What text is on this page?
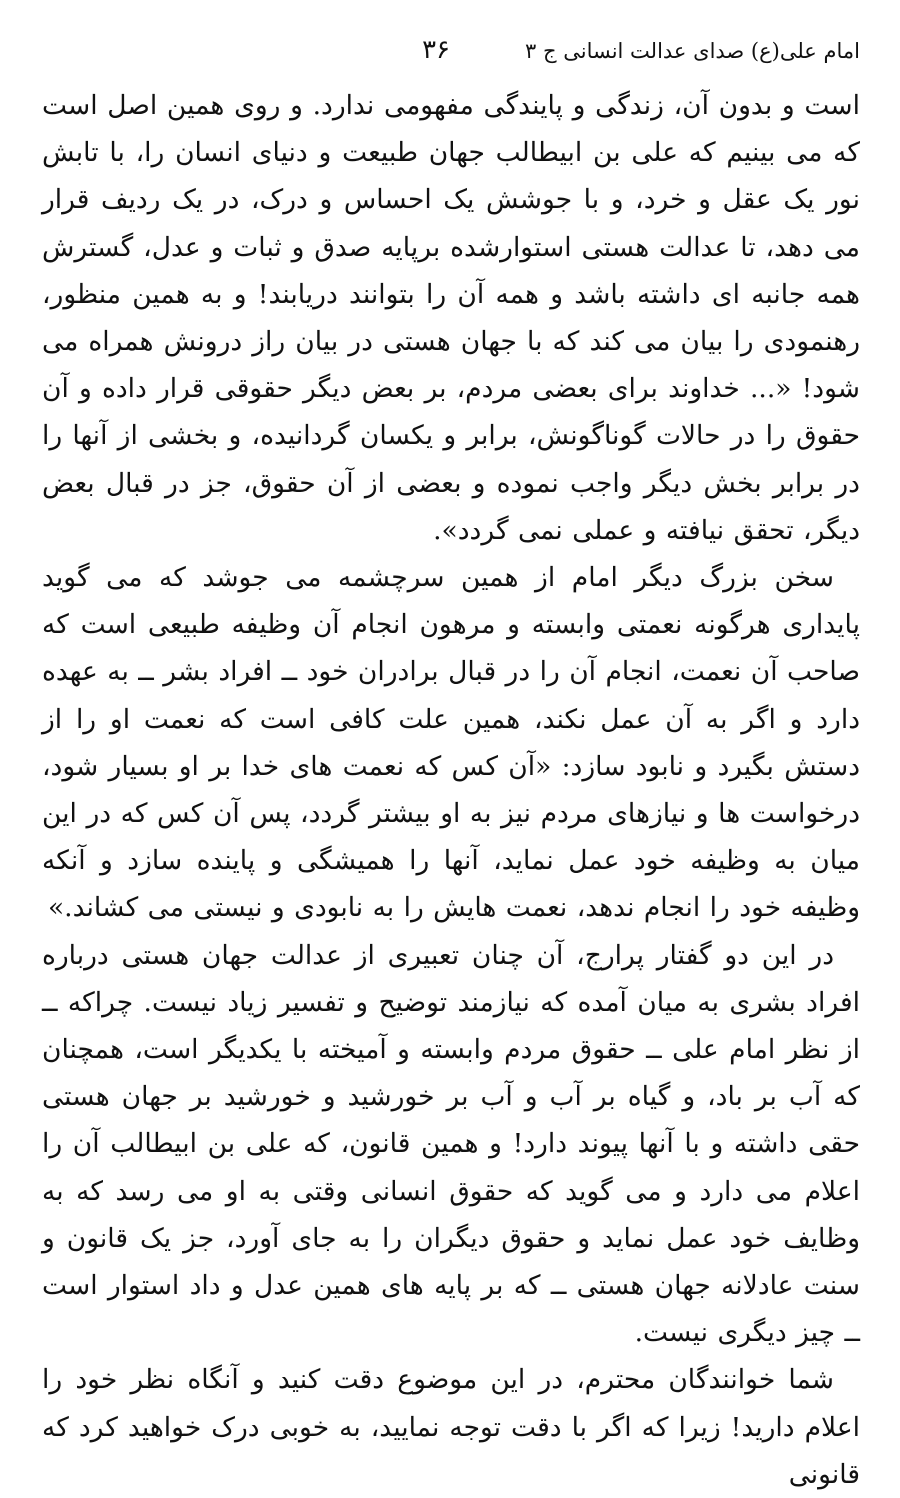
امام علی(ع) صدای عدالت انسانی ج ۳
۳۶

است و بدون آن، زندگی و پایندگی مفهومی ندارد. و روی همین اصل است که می بینیم که علی بن ابیطالب جهان طبیعت و دنیای انسان را، با تابش نور یک عقل و خرد، و با جوشش یک احساس و درک، در یک ردیف قرار می دهد، تا عدالت هستی استوارشده برپایه صدق و ثبات و عدل، گسترش همه جانبه ای داشته باشد و همه آن را بتوانند دریابند! و به همین منظور، رهنمودی را بیان می کند که با جهان هستی در بیان راز درونش همراه می شود! «... خداوند برای بعضی مردم، بر بعض دیگر حقوقی قرار داده و آن حقوق را در حالات گوناگونش، برابر و یکسان گردانیده، و بخشی از آنها را در برابر بخش دیگر واجب نموده و بعضی از آن حقوق، جز در قبال بعض دیگر، تحقق نیافته و عملی نمی گردد».

سخن بزرگ دیگر امام از همین سرچشمه می جوشد که می گوید پایداری هرگونه نعمتی وابسته و مرهون انجام آن وظیفه طبیعی است که صاحب آن نعمت، انجام آن را در قبال برادران خود ــ افراد بشر ــ به عهده دارد و اگر به آن عمل نکند، همین علت کافی است که نعمت او را از دستش بگیرد و نابود سازد: «آن کس که نعمت های خدا بر او بسیار شود، درخواست ها و نیازهای مردم نیز به او بیشتر گردد، پس آن کس که در این میان به وظیفه خود عمل نماید، آنها را همیشگی و پاینده سازد و آنکه وظیفه خود را انجام ندهد، نعمت هایش را به نابودی و نیستی می کشاند.»

در این دو گفتار پرارج، آن چنان تعبیری از عدالت جهان هستی درباره افراد بشری به میان آمده که نیازمند توضیح و تفسیر زیاد نیست. چراکه ــ از نظر امام علی ــ حقوق مردم وابسته و آمیخته با یکدیگر است، همچنان که آب بر باد، و گیاه بر آب و آب بر خورشید و خورشید بر جهان هستی حقی داشته و با آنها پیوند دارد! و همین قانون، که علی بن ابیطالب آن را اعلام می دارد و می گوید که حقوق انسانی وقتی به او می رسد که به وظایف خود عمل نماید و حقوق دیگران را به جای آورد، جز یک قانون و سنت عادلانه جهان هستی ــ که بر پایه های همین عدل و داد استوار است ــ چیز دیگری نیست.

شما خوانندگان محترم، در این موضوع دقت کنید و آنگاه نظر خود را اعلام دارید! زیرا که اگر با دقت توجه نمایید، به خوبی درک خواهید کرد که قانونی
